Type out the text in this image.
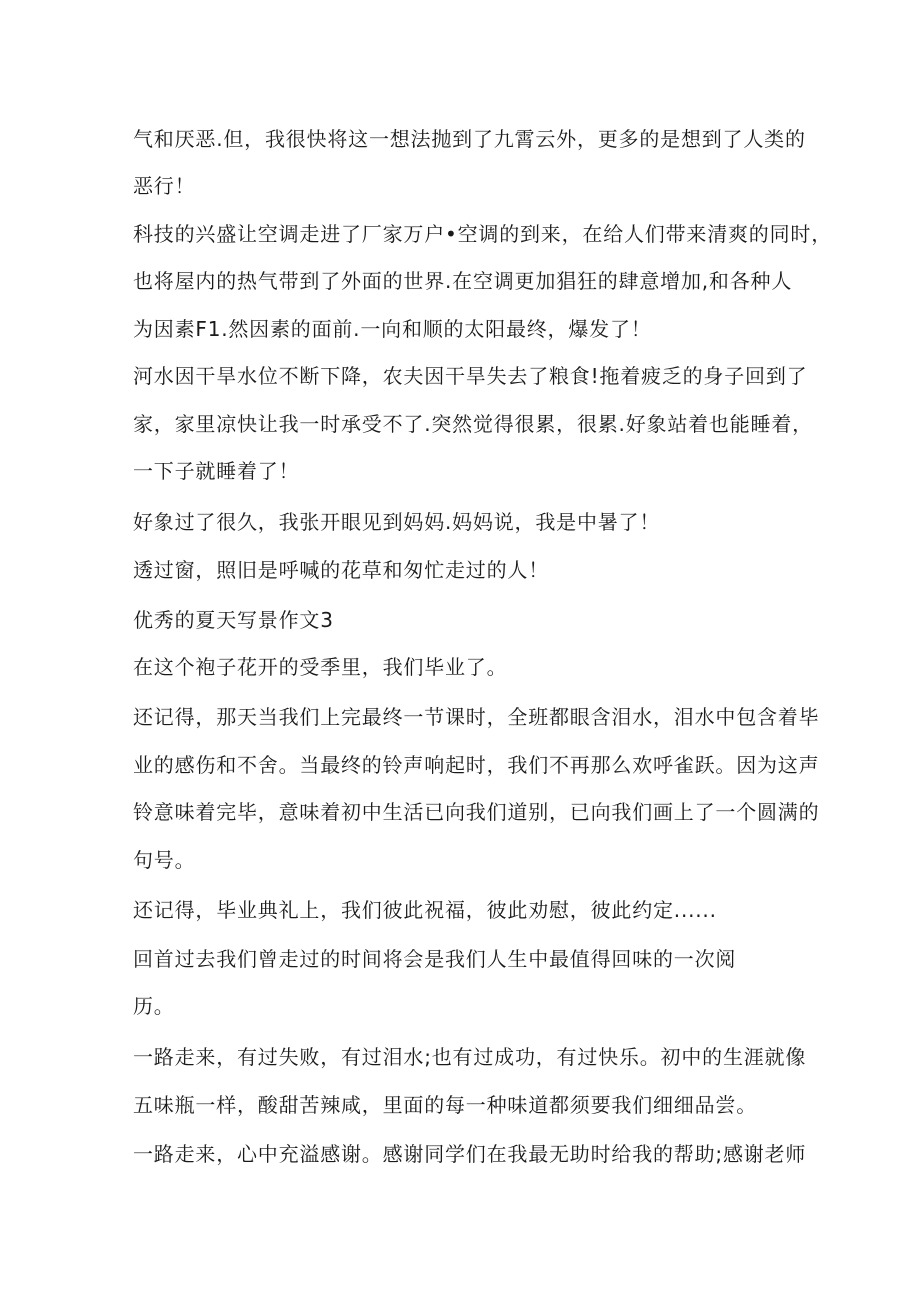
气和厌恶.但，我很快将这一想法抛到了九霄云外，更多的是想到了人类的

恶行！

科技的兴盛让空调走进了厂家万户•空调的到来，在给人们带来清爽的同时，

也将屋内的热气带到了外面的世界.在空调更加猖狂的肆意增加,和各种人

为因素F1.然因素的面前.一向和顺的太阳最终，爆发了！

河水因干旱水位不断下降，农夫因干旱失去了粮食!拖着疲乏的身子回到了

家，家里凉快让我一时承受不了.突然觉得很累，很累.好象站着也能睡着，

一下子就睡着了！

好象过了很久，我张开眼见到妈妈.妈妈说，我是中暑了！

透过窗，照旧是呼喊的花草和匆忙走过的人！

优秀的夏天写景作文3

在这个袍子花开的受季里，我们毕业了。

还记得，那天当我们上完最终一节课时，全班都眼含泪水，泪水中包含着毕

业的感伤和不舍。当最终的铃声响起时，我们不再那么欢呼雀跃。因为这声

铃意味着完毕，意味着初中生活已向我们道别，已向我们画上了一个圆满的

句号。

还记得，毕业典礼上，我们彼此祝福，彼此劝慰，彼此约定......

回首过去我们曾走过的时间将会是我们人生中最值得回味的一次阅

历。

一路走来，有过失败，有过泪水;也有过成功，有过快乐。初中的生涯就像

五味瓶一样，酸甜苦辣咸，里面的每一种味道都须要我们细细品尝。

一路走来，心中充溢感谢。感谢同学们在我最无助时给我的帮助;感谢老师
